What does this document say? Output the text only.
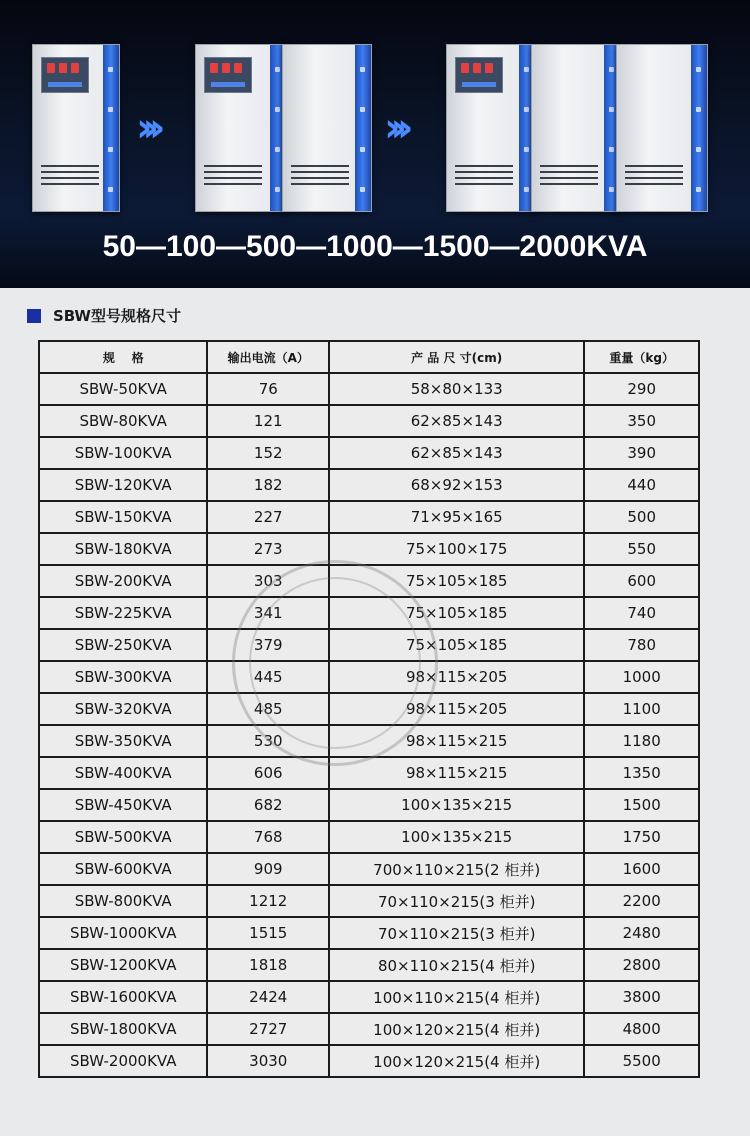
›››	›››
50—100—500—1000—1500—2000KVA
SBW型号规格尺寸
规    格	输出电流（A）	产 品 尺 寸(cm)	重量（kg）
SBW-50KVA	76	58×80×133	290
SBW-80KVA	121	62×85×143	350
SBW-100KVA	152	62×85×143	390
SBW-120KVA	182	68×92×153	440
SBW-150KVA	227	71×95×165	500
SBW-180KVA	273	75×100×175	550
SBW-200KVA	303	75×105×185	600
SBW-225KVA	341	75×105×185	740
SBW-250KVA	379	75×105×185	780
SBW-300KVA	445	98×115×205	1000
SBW-320KVA	485	98×115×205	1100
SBW-350KVA	530	98×115×215	1180
SBW-400KVA	606	98×115×215	1350
SBW-450KVA	682	100×135×215	1500
SBW-500KVA	768	100×135×215	1750
SBW-600KVA	909	700×110×215(2 柜并)	1600
SBW-800KVA	1212	70×110×215(3 柜并)	2200
SBW-1000KVA	1515	70×110×215(3 柜并)	2480
SBW-1200KVA	1818	80×110×215(4 柜并)	2800
SBW-1600KVA	2424	100×110×215(4 柜并)	3800
SBW-1800KVA	2727	100×120×215(4 柜并)	4800
SBW-2000KVA	3030	100×120×215(4 柜并)	5500
